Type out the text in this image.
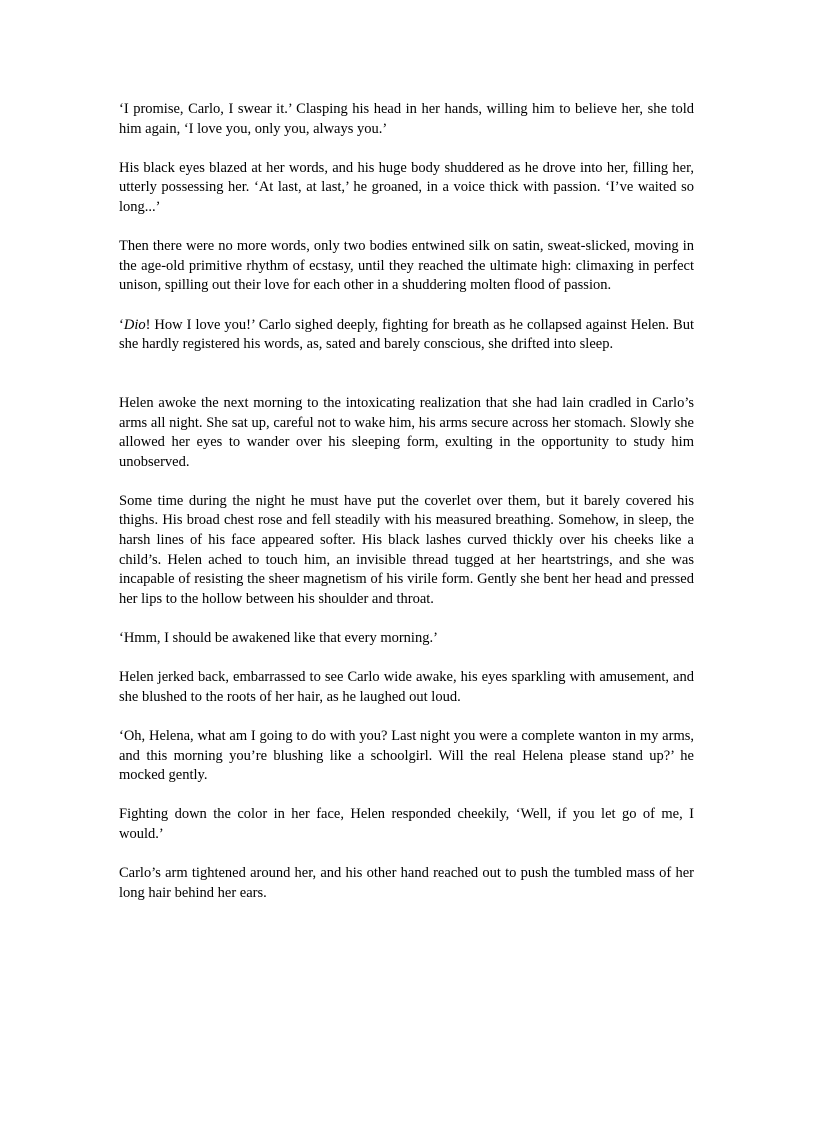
‘I promise, Carlo, I swear it.’ Clasping his head in her hands, willing him to believe her, she told him again, ‘I love you, only you, always you.’

His black eyes blazed at her words, and his huge body shuddered as he drove into her, filling her, utterly possessing her. ‘At last, at last,’ he groaned, in a voice thick with passion. ‘I’ve waited so long...’

Then there were no more words, only two bodies entwined silk on satin, sweat-slicked, moving in the age-old primitive rhythm of ecstasy, until they reached the ultimate high: climaxing in perfect unison, spilling out their love for each other in a shuddering molten flood of passion.

‘Dio! How I love you!’ Carlo sighed deeply, fighting for breath as he collapsed against Helen. But she hardly registered his words, as, sated and barely conscious, she drifted into sleep.

Helen awoke the next morning to the intoxicating realization that she had lain cradled in Carlo’s arms all night. She sat up, careful not to wake him, his arms secure across her stomach. Slowly she allowed her eyes to wander over his sleeping form, exulting in the opportunity to study him unobserved.

Some time during the night he must have put the coverlet over them, but it barely covered his thighs. His broad chest rose and fell steadily with his measured breathing. Somehow, in sleep, the harsh lines of his face appeared softer. His black lashes curved thickly over his cheeks like a child’s. Helen ached to touch him, an invisible thread tugged at her heartstrings, and she was incapable of resisting the sheer magnetism of his virile form. Gently she bent her head and pressed her lips to the hollow between his shoulder and throat.

‘Hmm, I should be awakened like that every morning.’

Helen jerked back, embarrassed to see Carlo wide awake, his eyes sparkling with amusement, and she blushed to the roots of her hair, as he laughed out loud.

‘Oh, Helena, what am I going to do with you? Last night you were a complete wanton in my arms, and this morning you’re blushing like a schoolgirl. Will the real Helena please stand up?’ he mocked gently.

Fighting down the color in her face, Helen responded cheekily, ‘Well, if you let go of me, I would.’

Carlo’s arm tightened around her, and his other hand reached out to push the tumbled mass of her long hair behind her ears.
